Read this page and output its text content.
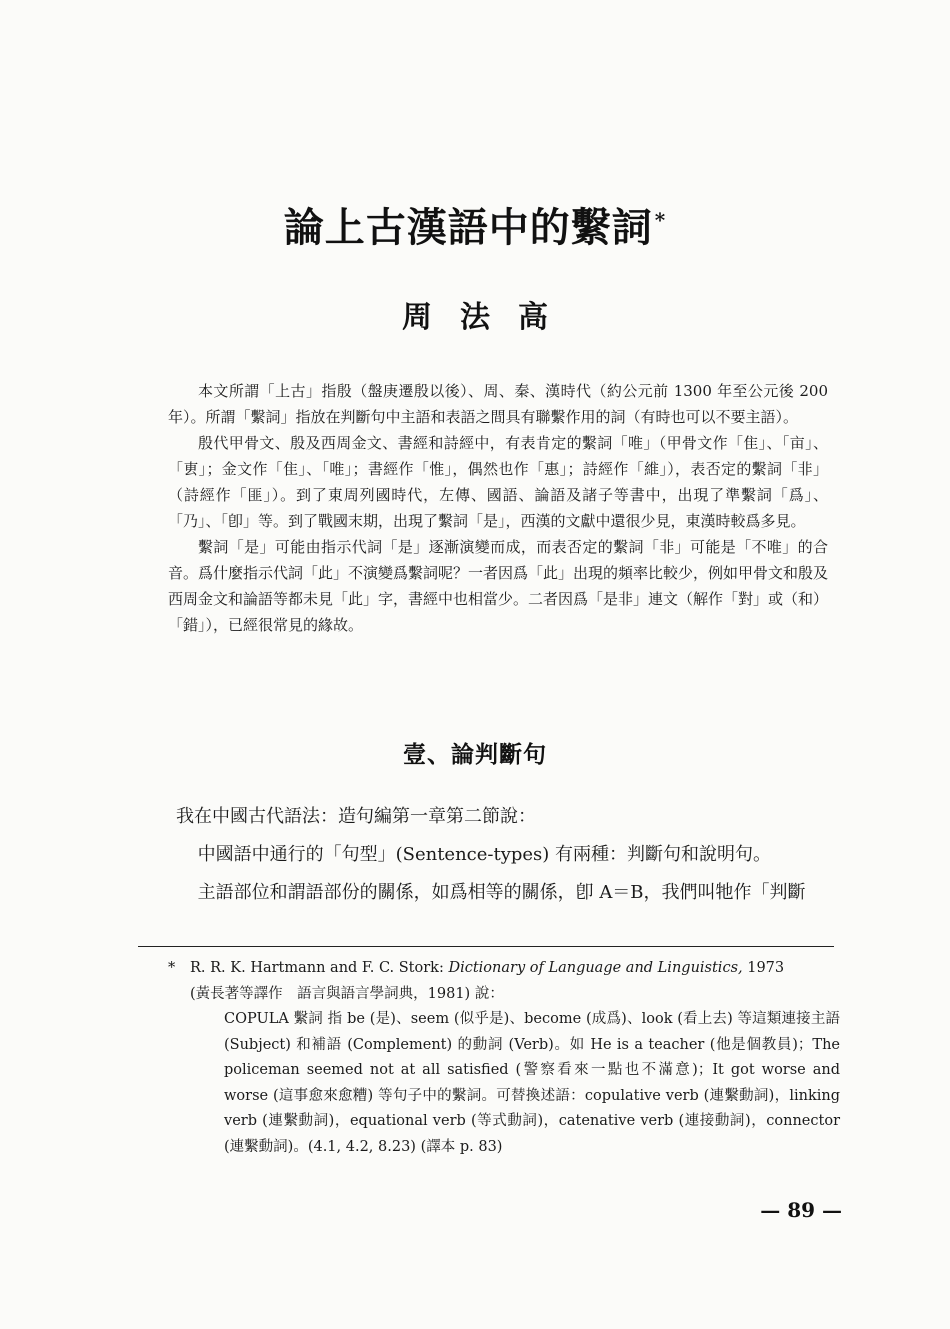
論上古漢語中的繫詞 *
周法高

本文所謂「上古」指殷（盤庚遷殷以後）、周、秦、漢時代（約公元前 1300 年至公元後 200 年）。所謂「繫詞」指放在判斷句中主語和表語之間具有聯繫作用的詞（有時也可以不要主語）。

殷代甲骨文、殷及西周金文、書經和詩經中，有表肯定的繫詞「唯」（甲骨文作「隹」、「亩」、「叀」；金文作「隹」、「唯」；書經作「惟」，偶然也作「惠」；詩經作「維」），表否定的繫詞「非」（詩經作「匪」）。到了東周列國時代，左傳、國語、論語及諸子等書中，出現了準繫詞「爲」、「乃」、「卽」等。到了戰國末期，出現了繫詞「是」，西漢的文獻中還很少見，東漢時較爲多見。

繫詞「是」可能由指示代詞「是」逐漸演變而成，而表否定的繫詞「非」可能是「不唯」的合音。爲什麼指示代詞「此」不演變爲繫詞呢？一者因爲「此」出現的頻率比較少，例如甲骨文和殷及西周金文和論語等都未見「此」字，書經中也相當少。二者因爲「是非」連文（解作「對」或（和）「錯」），已經很常見的緣故。

壹、論判斷句

我在中國古代語法：造句編第一章第二節說：

中國語中通行的「句型」(Sentence-types) 有兩種：判斷句和說明句。

主語部位和謂語部份的關係，如爲相等的關係，卽 A＝B，我們叫牠作「判斷

* R. R. K. Hartmann and F. C. Stork: Dictionary of Language and Linguistics, 1973

(黃長著等譯作　語言與語言學詞典，1981) 說：

COPULA 繫詞 指 be (是)、seem (似乎是)、become (成爲)、look (看上去) 等這類連接主語 (Subject) 和補語 (Complement) 的動詞 (Verb)。如 He is a teacher (他是個教員)；The policeman seemed not at all satisfied (警察看來一點也不滿意)；It got worse and worse (這事愈來愈糟) 等句子中的繫詞。可替換述語：copulative verb (連繫動詞)，linking verb (連繫動詞)，equational verb (等式動詞)，catenative verb (連接動詞)，connector (連繫動詞)。(4.1, 4.2, 8.23) (譯本 p. 83)

— 89 —
